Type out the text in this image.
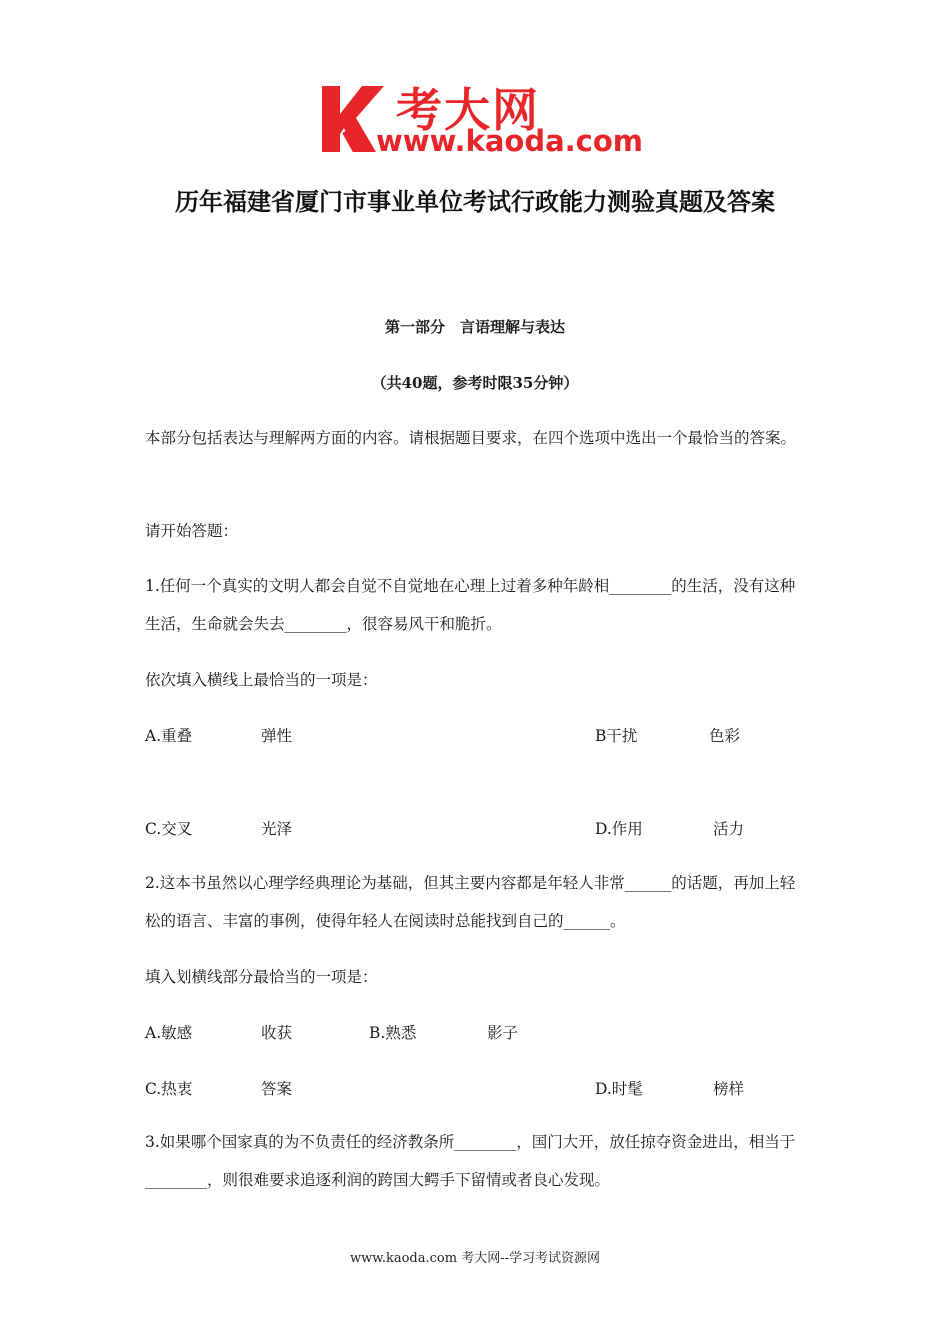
考大网
www.kaoda.com
历年福建省厦门市事业单位考试行政能力测验真题及答案
第一部分　言语理解与表达
（共40题，参考时限35分钟）
本部分包括表达与理解两方面的内容。请根据题目要求，在四个选项中选出一个最恰当的答案。
请开始答题：
1.任何一个真实的文明人都会自觉不自觉地在心理上过着多种年龄相________的生活，没有这种生活，生命就会失去________，很容易风干和脆折。
依次填入横线上最恰当的一项是：
A.重叠	弹性	B干扰	色彩
C.交叉	光泽	D.作用	活力
2.这本书虽然以心理学经典理论为基础，但其主要内容都是年轻人非常______的话题，再加上轻松的语言、丰富的事例，使得年轻人在阅读时总能找到自己的______。
填入划横线部分最恰当的一项是：
A.敏感	收获	B.熟悉	影子
C.热衷	答案	D.时髦	榜样
3.如果哪个国家真的为不负责任的经济教条所________，国门大开，放任掠夺资金进出，相当于________，则很难要求追逐利润的跨国大鳄手下留情或者良心发现。
www.kaoda.com 考大网--学习考试资源网
